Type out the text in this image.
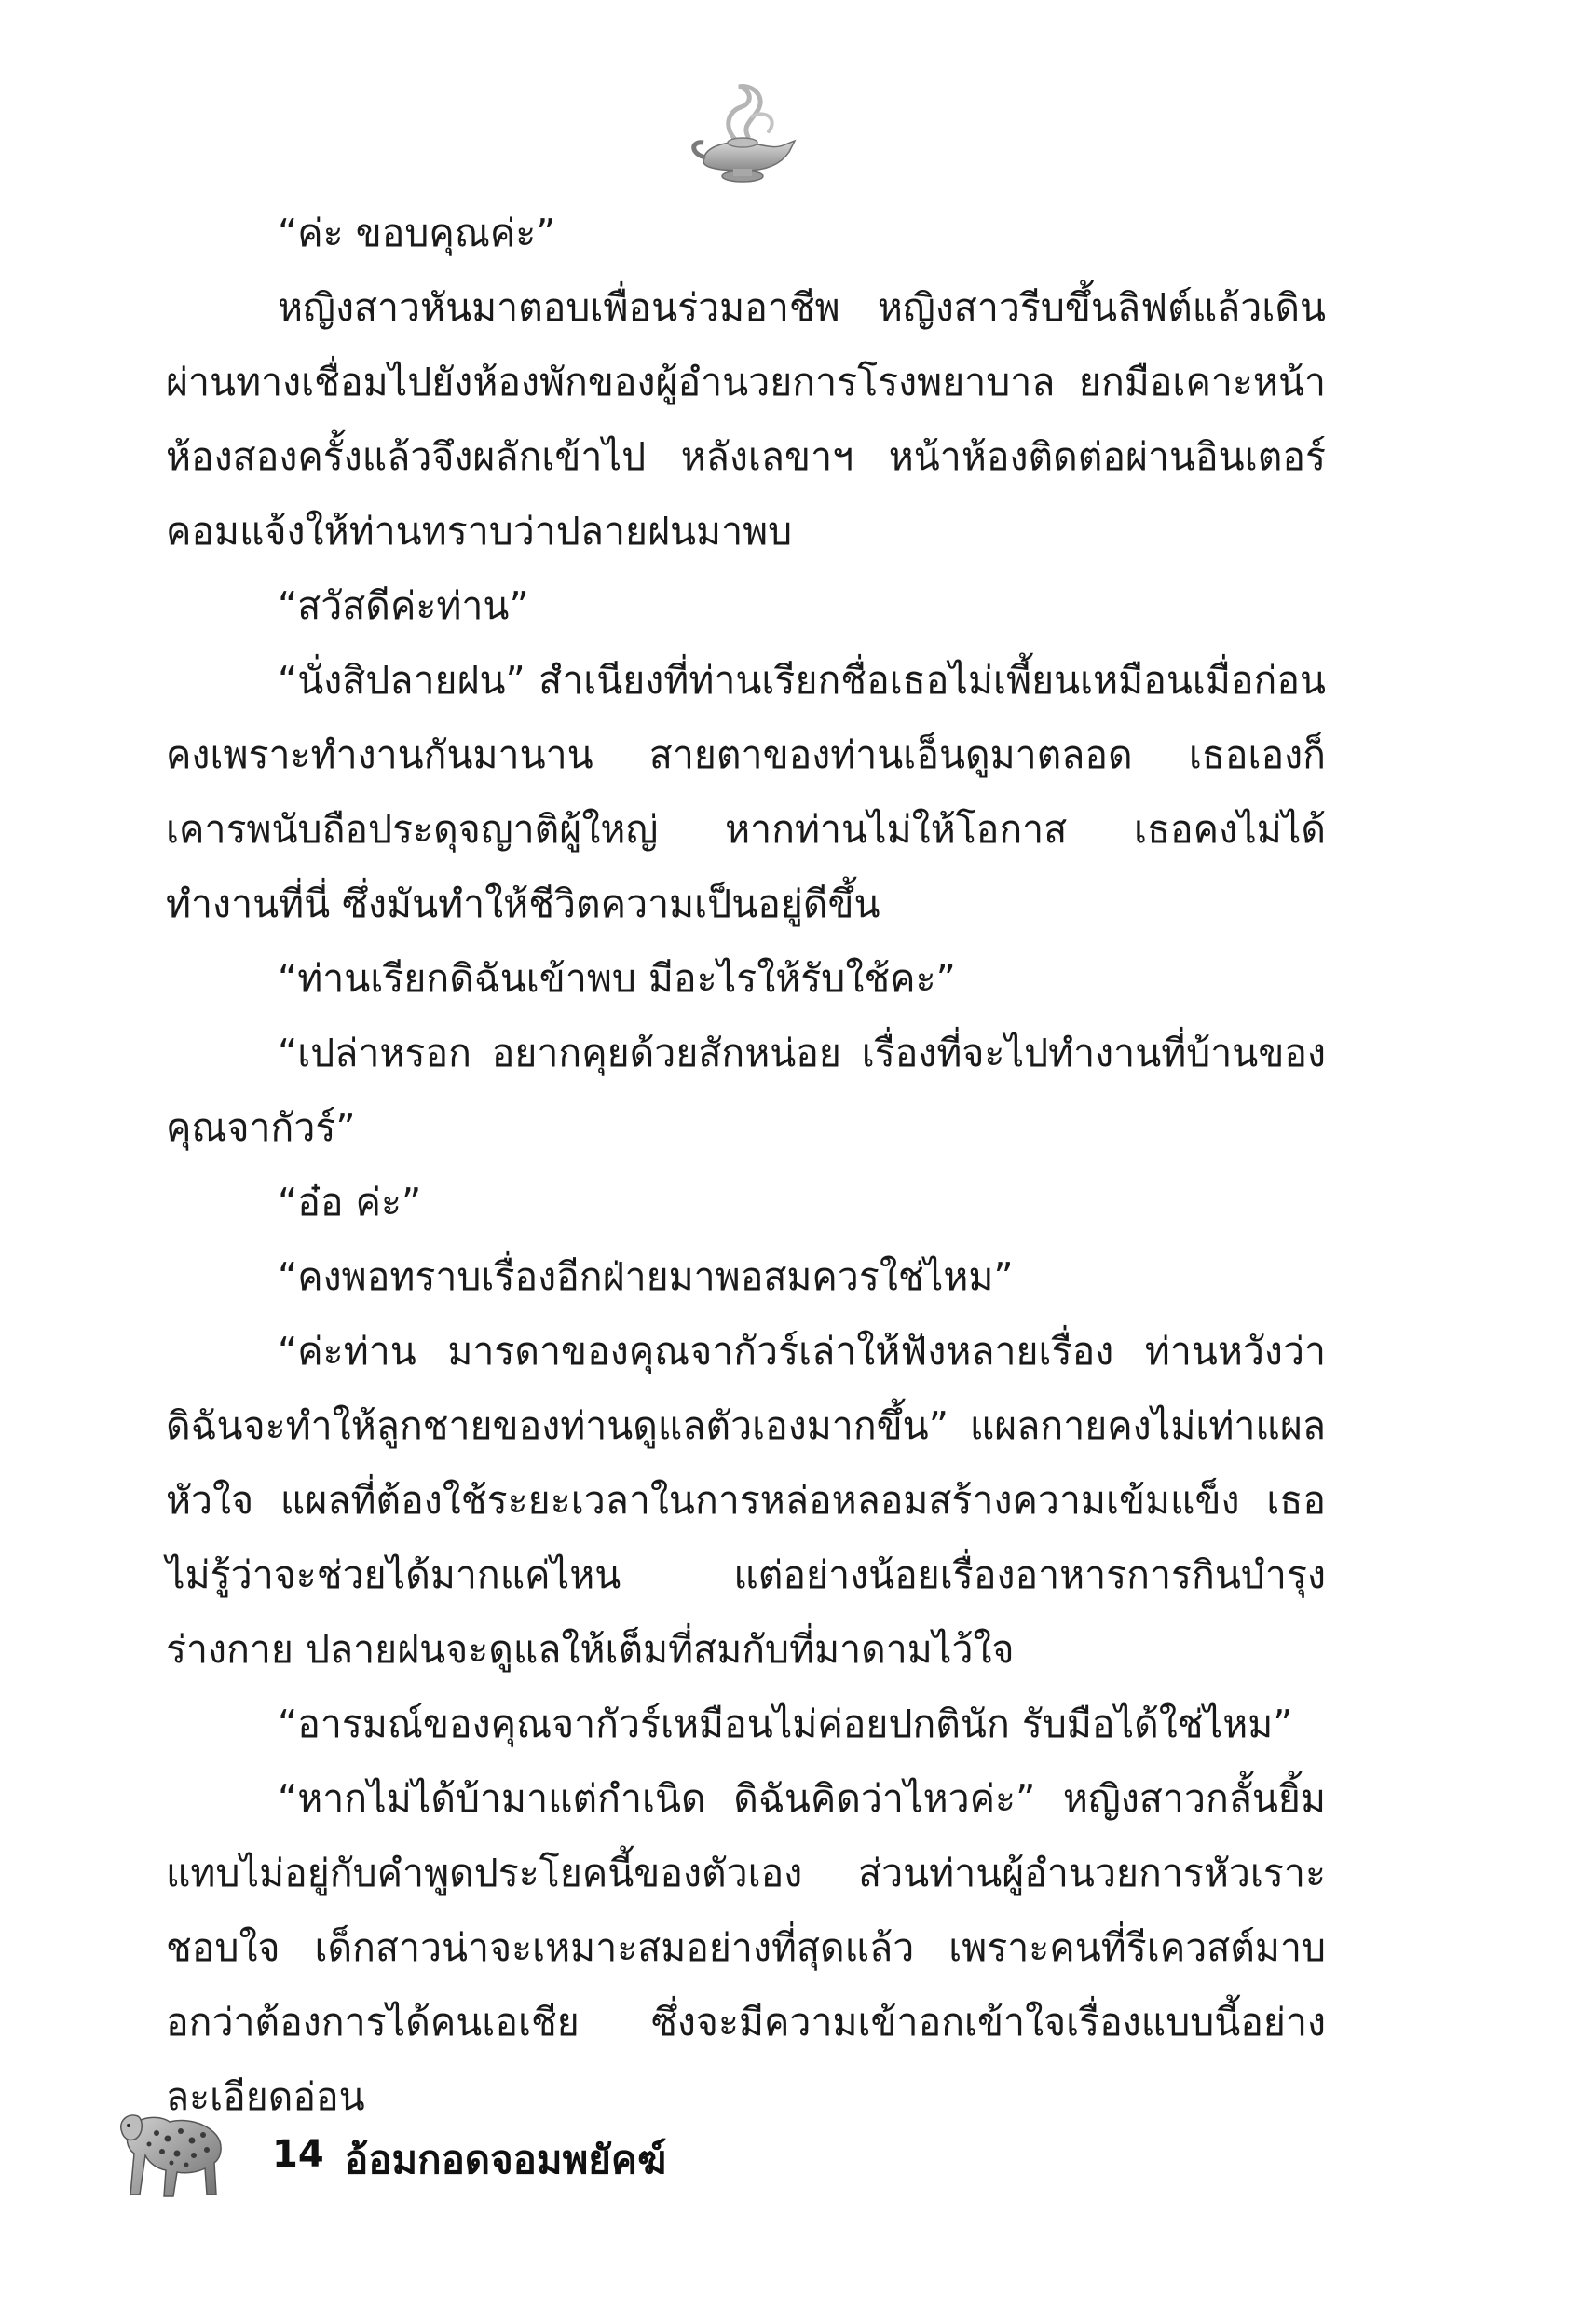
“ค่ะ ขอบคุณค่ะ”

หญิงสาวหันมาตอบเพื่อนร่วมอาชีพ หญิงสาวรีบขึ้นลิฟต์แล้วเดินผ่านทางเชื่อมไปยังห้องพักของผู้อำนวยการโรงพยาบาล ยกมือเคาะหน้าห้องสองครั้งแล้วจึงผลักเข้าไป หลังเลขาฯ หน้าห้องติดต่อผ่านอินเตอร์คอมแจ้งให้ท่านทราบว่าปลายฝนมาพบ

“สวัสดีค่ะท่าน”

“นั่งสิปลายฝน” สำเนียงที่ท่านเรียกชื่อเธอไม่เพี้ยนเหมือนเมื่อก่อน คงเพราะทำงานกันมานาน สายตาของท่านเอ็นดูมาตลอด เธอเองก็เคารพนับถือประดุจญาติผู้ใหญ่ หากท่านไม่ให้โอกาส เธอคงไม่ได้ทำงานที่นี่ ซึ่งมันทำให้ชีวิตความเป็นอยู่ดีขึ้น

“ท่านเรียกดิฉันเข้าพบ มีอะไรให้รับใช้คะ”

“เปล่าหรอก อยากคุยด้วยสักหน่อย เรื่องที่จะไปทำงานที่บ้านของคุณจากัวร์”

“อ๋อ ค่ะ”

“คงพอทราบเรื่องอีกฝ่ายมาพอสมควรใช่ไหม”

“ค่ะท่าน มารดาของคุณจากัวร์เล่าให้ฟังหลายเรื่อง ท่านหวังว่าดิฉันจะทำให้ลูกชายของท่านดูแลตัวเองมากขึ้น” แผลกายคงไม่เท่าแผลหัวใจ แผลที่ต้องใช้ระยะเวลาในการหล่อหลอมสร้างความเข้มแข็ง เธอไม่รู้ว่าจะช่วยได้มากแค่ไหน แต่อย่างน้อยเรื่องอาหารการกินบำรุงร่างกาย ปลายฝนจะดูแลให้เต็มที่สมกับที่มาดามไว้ใจ

“อารมณ์ของคุณจากัวร์เหมือนไม่ค่อยปกตินัก รับมือได้ใช่ไหม”

“หากไม่ได้บ้ามาแต่กำเนิด ดิฉันคิดว่าไหวค่ะ” หญิงสาวกลั้นยิ้มแทบไม่อยู่กับคำพูดประโยคนี้ของตัวเอง ส่วนท่านผู้อำนวยการหัวเราะชอบใจ เด็กสาวน่าจะเหมาะสมอย่างที่สุดแล้ว เพราะคนที่รีเควสต์มาบอกว่าต้องการได้คนเอเชีย ซึ่งจะมีความเข้าอกเข้าใจเรื่องแบบนี้อย่างละเอียดอ่อน

14 อ้อมกอดจอมพยัคฆ์
